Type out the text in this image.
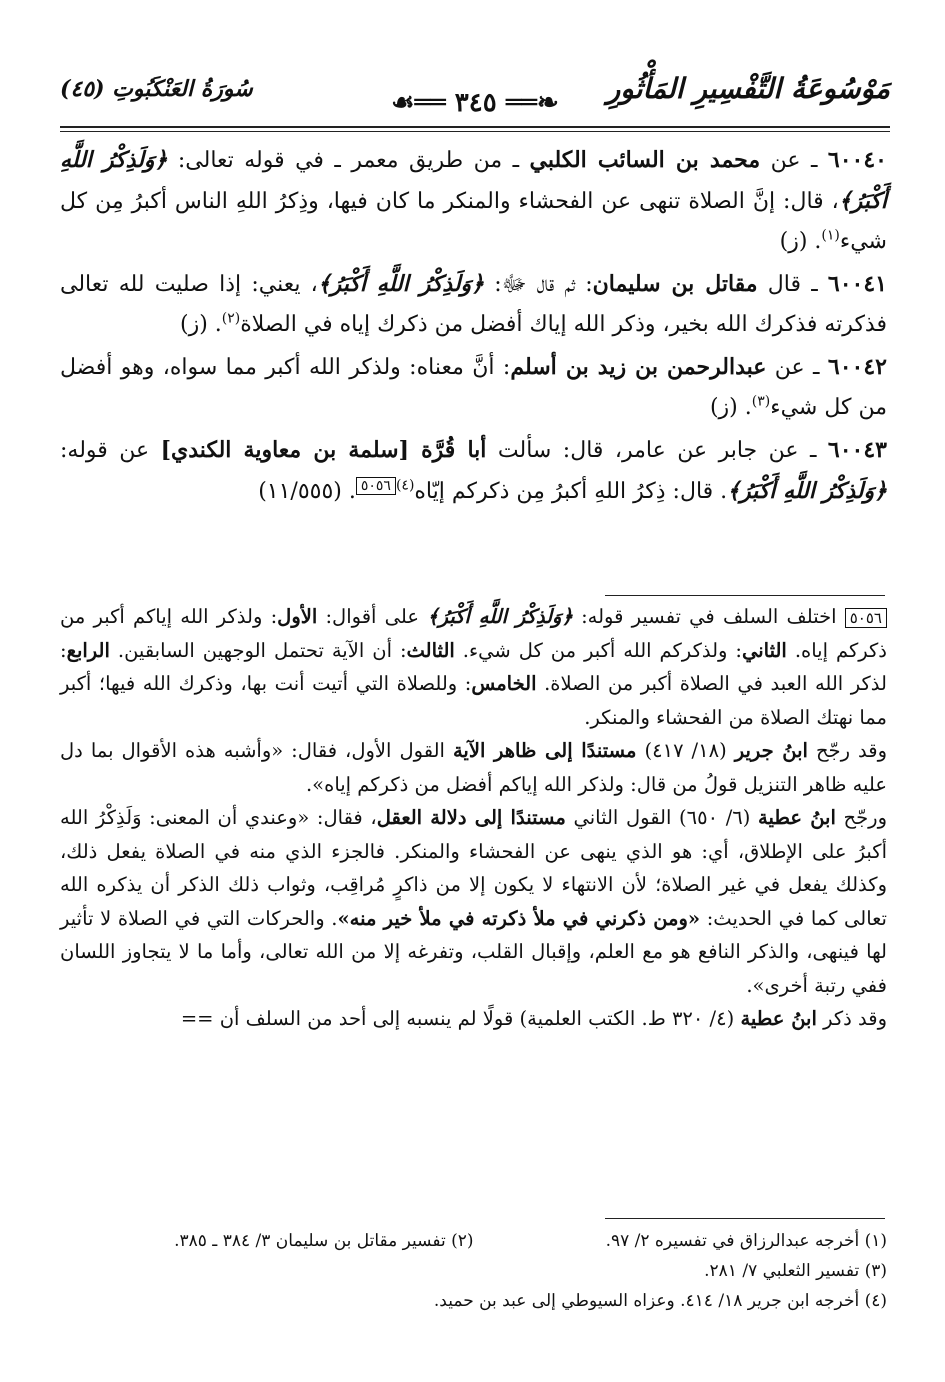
مَوْسُوعَةُ التَّفْسِيرِ المَأْثُورِ
❧══ ٣٤٥ ══☙
سُورَةُ العَنْكَبُوتِ (٤٥)

٦٠٠٤٠ ـ عن محمد بن السائب الكلبي ـ من طريق معمر ـ في قوله تعالى: ﴿وَلَذِكْرُ اللَّهِ أَكْبَرُ﴾، قال: إنَّ الصلاة تنهى عن الفحشاء والمنكر ما كان فيها، وذِكرُ اللهِ الناس أكبرُ مِن كل شيء$^{(١)}$. (ز)

٦٠٠٤١ ـ قال مقاتل بن سليمان: ثم قال ﷻ: ﴿وَلَذِكْرُ اللَّهِ أَكْبَرُ﴾، يعني: إذا صليت لله تعالى فذكرته فذكرك الله بخير، وذكر الله إياك أفضل من ذكرك إياه في الصلاة$^{(٢)}$. (ز)

٦٠٠٤٢ ـ عن عبدالرحمن بن زيد بن أسلم: أنَّ معناه: ولذكر الله أكبر مما سواه، وهو أفضل من كل شيء$^{(٣)}$. (ز)

٦٠٠٤٣ ـ عن جابر عن عامر، قال: سألت أبا قُرَّة [سلمة بن معاوية الكندي] عن قوله: ﴿وَلَذِكْرُ اللَّهِ أَكْبَرُ﴾. قال: ذِكرُ اللهِ أكبرُ مِن ذكركم إيّاه$^{(٤)}$٥٠٥٦. (١١/٥٥٥)

٥٠٥٦ اختلف السلف في تفسير قوله: ﴿وَلَذِكْرُ اللَّهِ أَكْبَرُ﴾ على أقوال: الأول: ولذكر الله إياكم أكبر من ذكركم إياه. الثاني: ولذكركم الله أكبر من كل شيء. الثالث: أن الآية تحتمل الوجهين السابقين. الرابع: لذكر الله العبد في الصلاة أكبر من الصلاة. الخامس: وللصلاة التي أتيت أنت بها، وذكرك الله فيها؛ أكبر مما نهتك الصلاة من الفحشاء والمنكر.

وقد رجّح ابنُ جرير (١٨/ ٤١٧) مستندًا إلى ظاهر الآية القول الأول، فقال: «وأشبه هذه الأقوال بما دل عليه ظاهر التنزيل قولُ من قال: ولذكر الله إياكم أفضل من ذكركم إياه».

ورجّح ابنُ عطية (٦/ ٦٥٠) القول الثاني مستندًا إلى دلالة العقل، فقال: «وعندي أن المعنى: وَلَذِكْرُ الله أكبرُ على الإطلاق، أي: هو الذي ينهى عن الفحشاء والمنكر. فالجزء الذي منه في الصلاة يفعل ذلك، وكذلك يفعل في غير الصلاة؛ لأن الانتهاء لا يكون إلا من ذاكرٍ مُراقِب، وثواب ذلك الذكر أن يذكره الله تعالى كما في الحديث: «ومن ذكرني في ملأ ذكرته في ملأ خير منه». والحركات التي في الصلاة لا تأثير لها فينهى، والذكر النافع هو مع العلم، وإقبال القلب، وتفرغه إلا من الله تعالى، وأما ما لا يتجاوز اللسان ففي رتبة أخرى».

وقد ذكر ابنُ عطية (٤/ ٣٢٠ ط. الكتب العلمية) قولًا لم ينسبه إلى أحد من السلف أن ==

(١) أخرجه عبدالرزاق في تفسيره ٢/ ٩٧.
(٢) تفسير مقاتل بن سليمان ٣/ ٣٨٤ ـ ٣٨٥.
(٣) تفسير الثعلبي ٧/ ٢٨١.
(٤) أخرجه ابن جرير ١٨/ ٤١٤. وعزاه السيوطي إلى عبد بن حميد.
